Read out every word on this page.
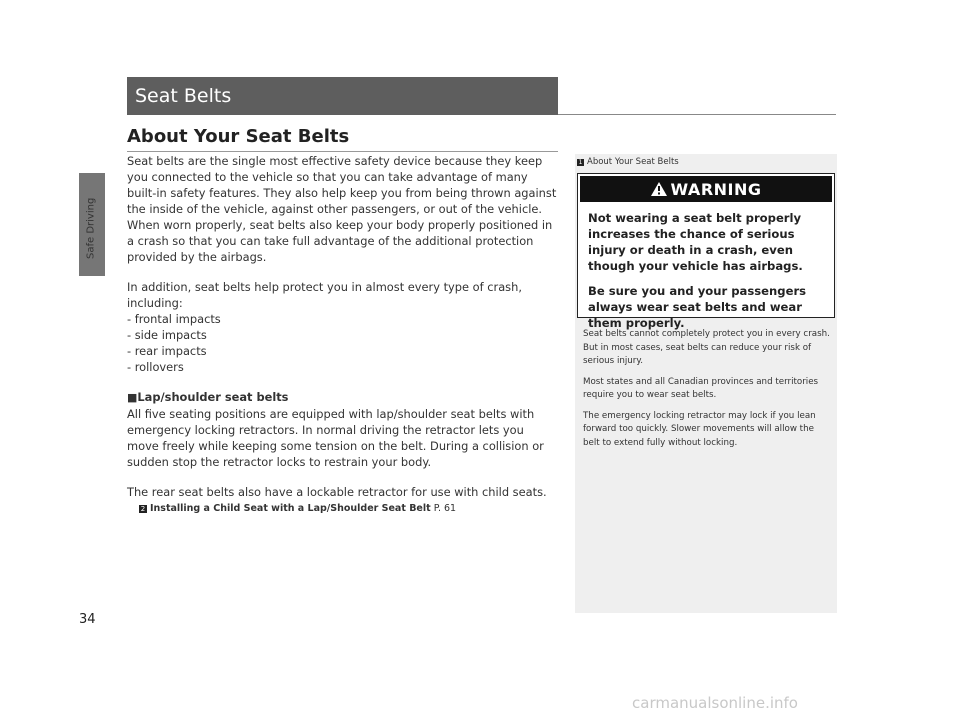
Safe Driving
Seat Belts
About Your Seat Belts

Seat belts are the single most effective safety device because they keep you connected to the vehicle so that you can take advantage of many built-in safety features. They also help keep you from being thrown against the inside of the vehicle, against other passengers, or out of the vehicle. When worn properly, seat belts also keep your body properly positioned in a crash so that you can take full advantage of the additional protection provided by the airbags.

In addition, seat belts help protect you in almost every type of crash, including:

- frontal impacts

- side impacts

- rear impacts

- rollovers

■Lap/shoulder seat belts

All five seating positions are equipped with lap/shoulder seat belts with emergency locking retractors. In normal driving the retractor lets you move freely while keeping some tension on the belt. During a collision or sudden stop the retractor locks to restrain your body.

The rear seat belts also have a lockable retractor for use with child seats.

2 Installing a Child Seat with a Lap/Shoulder Seat Belt P. 61
1 About Your Seat Belts
WARNING

Not wearing a seat belt properly increases the chance of serious injury or death in a crash, even though your vehicle has airbags.

Be sure you and your passengers always wear seat belts and wear them properly.

Seat belts cannot completely protect you in every crash. But in most cases, seat belts can reduce your risk of serious injury.

Most states and all Canadian provinces and territories require you to wear seat belts.

The emergency locking retractor may lock if you lean forward too quickly. Slower movements will allow the belt to extend fully without locking.

34
carmanualsonline.info
